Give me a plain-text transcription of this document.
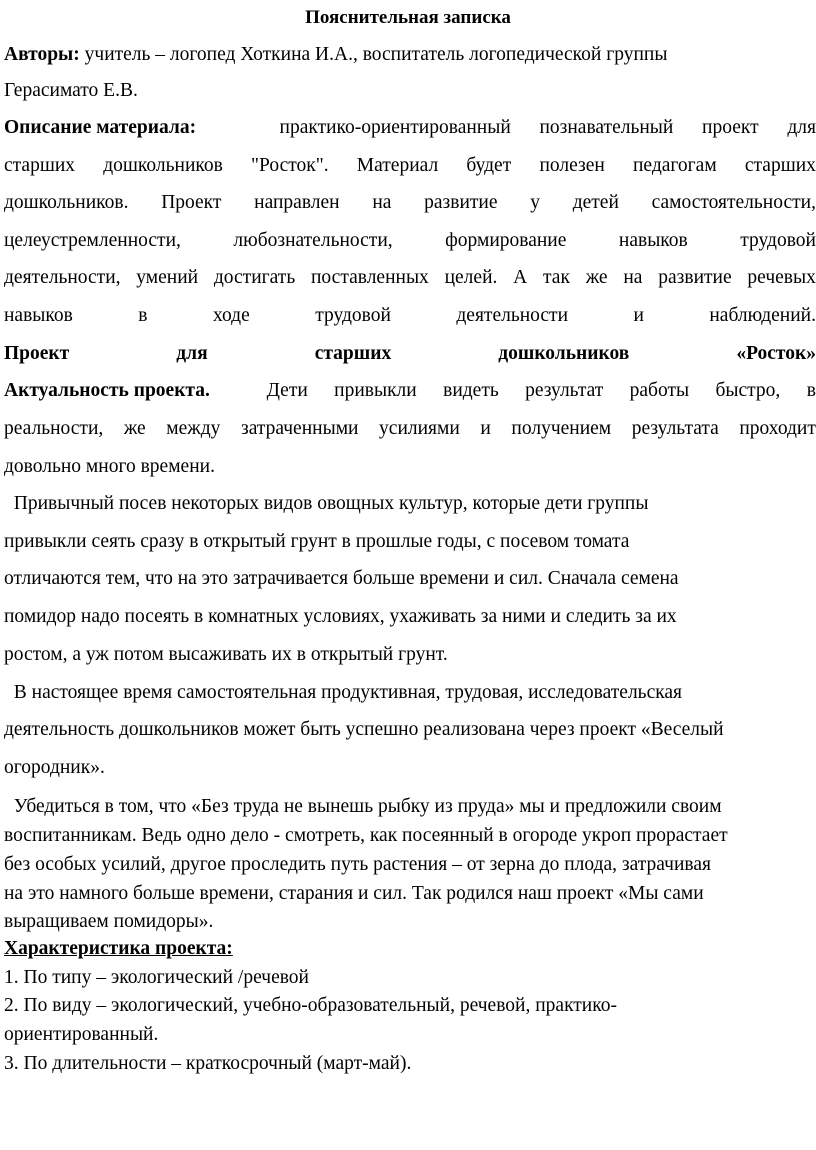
Пояснительная записка
Авторы: учитель – логопед Хоткина И.А., воспитатель логопедической группы
Герасимато Е.В.
Описание материала:	практико-ориентированный познавательный проект для
старших дошкольников "Росток". Материал будет полезен педагогам старших
дошкольников. Проект направлен на развитие у детей самостоятельности,
целеустремленности,	любознательности,	формирование	навыков	трудовой
деятельности, умений достигать поставленных целей. А так же на развитие речевых
навыков	в	ходе	трудовой	деятельности	и	наблюдений.
Проект	для	старших	дошкольников	«Росток»
Актуальность проекта.	Дети привыкли видеть результат работы быстро, в
реальности, же между затраченными усилиями и получением результата проходит
довольно много времени.
Привычный посев некоторых видов овощных культур, которые дети группы
привыкли сеять сразу в открытый грунт в прошлые годы, с посевом томата
отличаются тем, что на это затрачивается больше времени и сил. Сначала семена
помидор надо посеять в комнатных условиях, ухаживать за ними и следить за их
ростом, а уж потом высаживать их в открытый грунт.
В настоящее время самостоятельная продуктивная, трудовая, исследовательская
деятельность дошкольников может быть успешно реализована через проект «Веселый
огородник».
Убедиться в том, что «Без труда не вынешь рыбку из пруда» мы и предложили своим
воспитанникам. Ведь одно дело - смотреть, как посеянный в огороде укроп прорастает
без особых усилий, другое проследить путь растения – от зерна до плода, затрачивая
на это намного больше времени, старания и сил. Так родился наш проект «Мы сами
выращиваем помидоры».
Характеристика проекта:
1. По типу – экологический /речевой
2. По виду – экологический, учебно-образовательный, речевой, практико-
ориентированный.
3. По длительности – краткосрочный (март-май).
